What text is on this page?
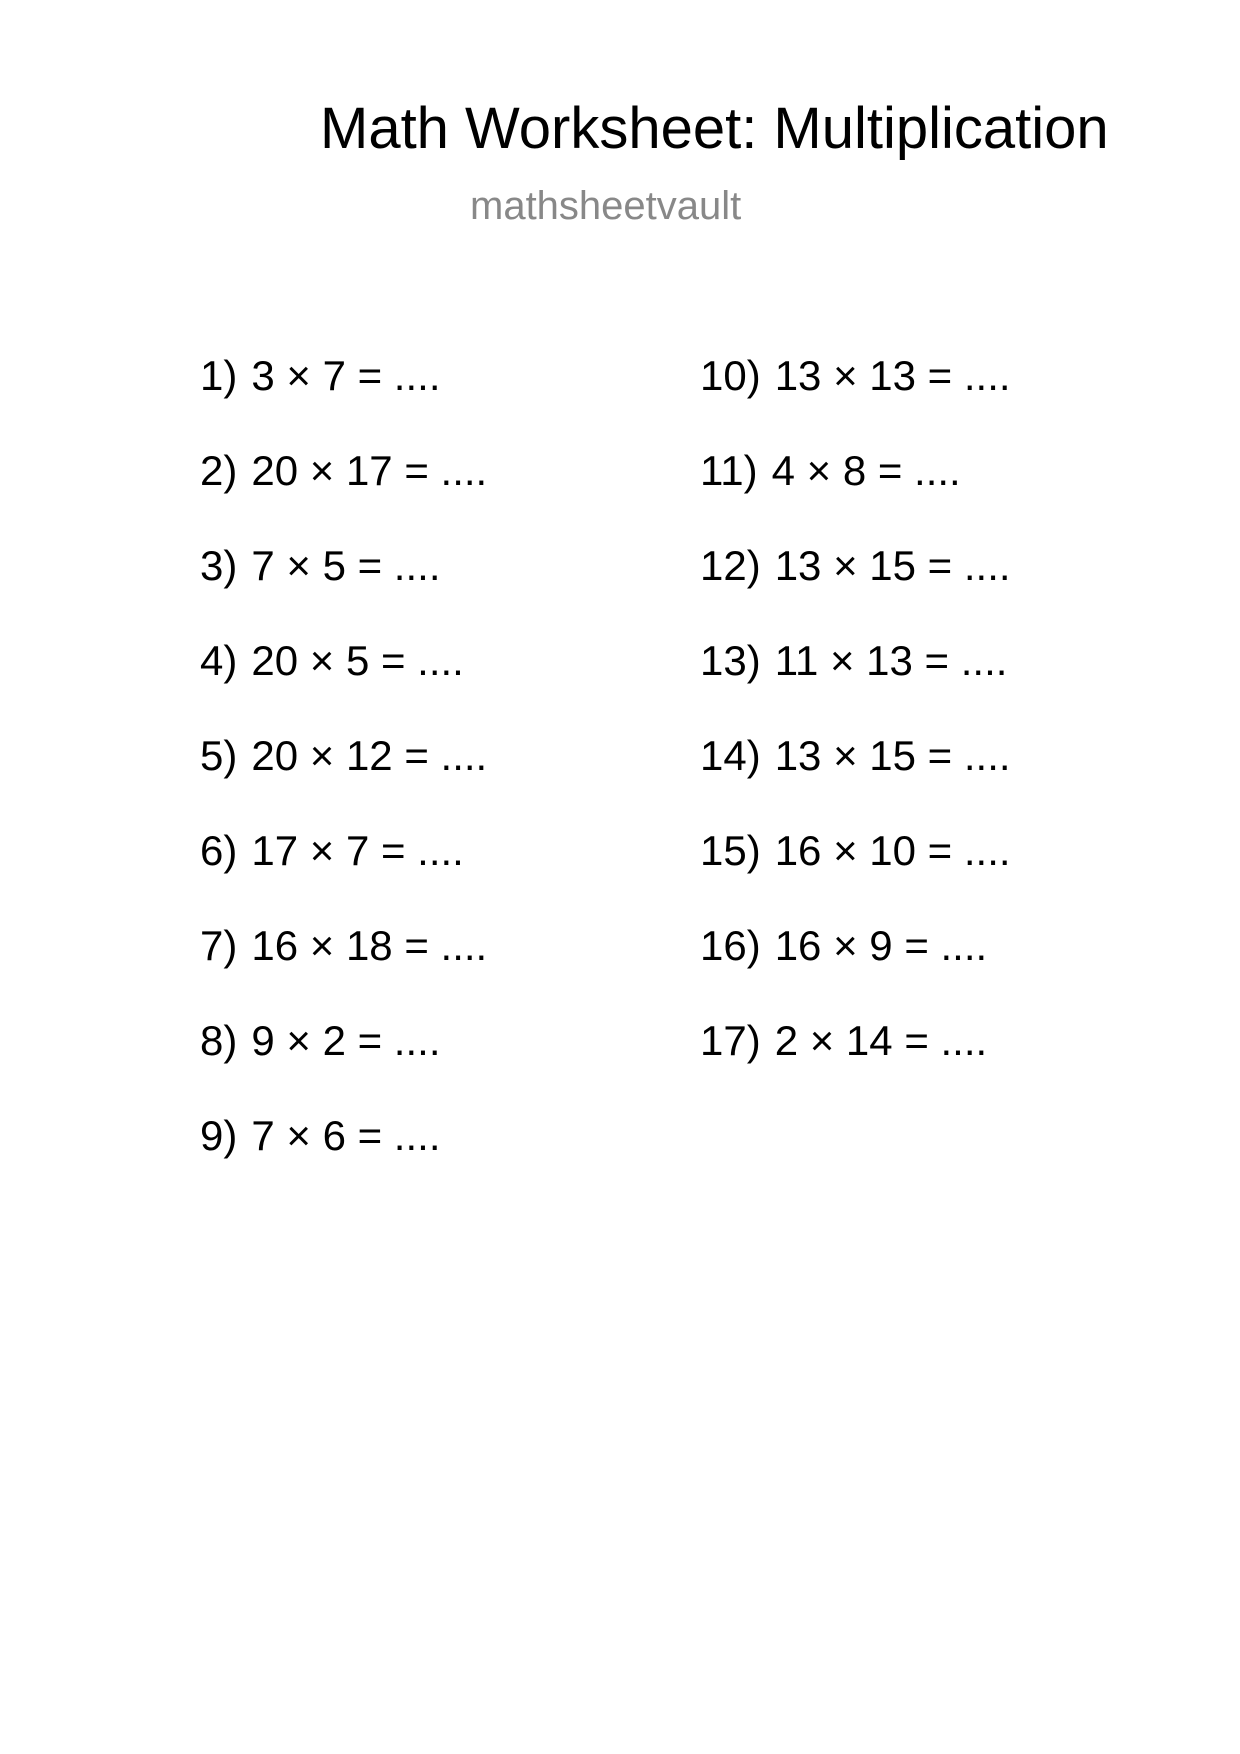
Math Worksheet: Multiplication
mathsheetvault
1) 3 × 7 = ....
2) 20 × 17 = ....
3) 7 × 5 = ....
4) 20 × 5 = ....
5) 20 × 12 = ....
6) 17 × 7 = ....
7) 16 × 18 = ....
8) 9 × 2 = ....
9) 7 × 6 = ....
10) 13 × 13 = ....
11) 4 × 8 = ....
12) 13 × 15 = ....
13) 11 × 13 = ....
14) 13 × 15 = ....
15) 16 × 10 = ....
16) 16 × 9 = ....
17) 2 × 14 = ....
